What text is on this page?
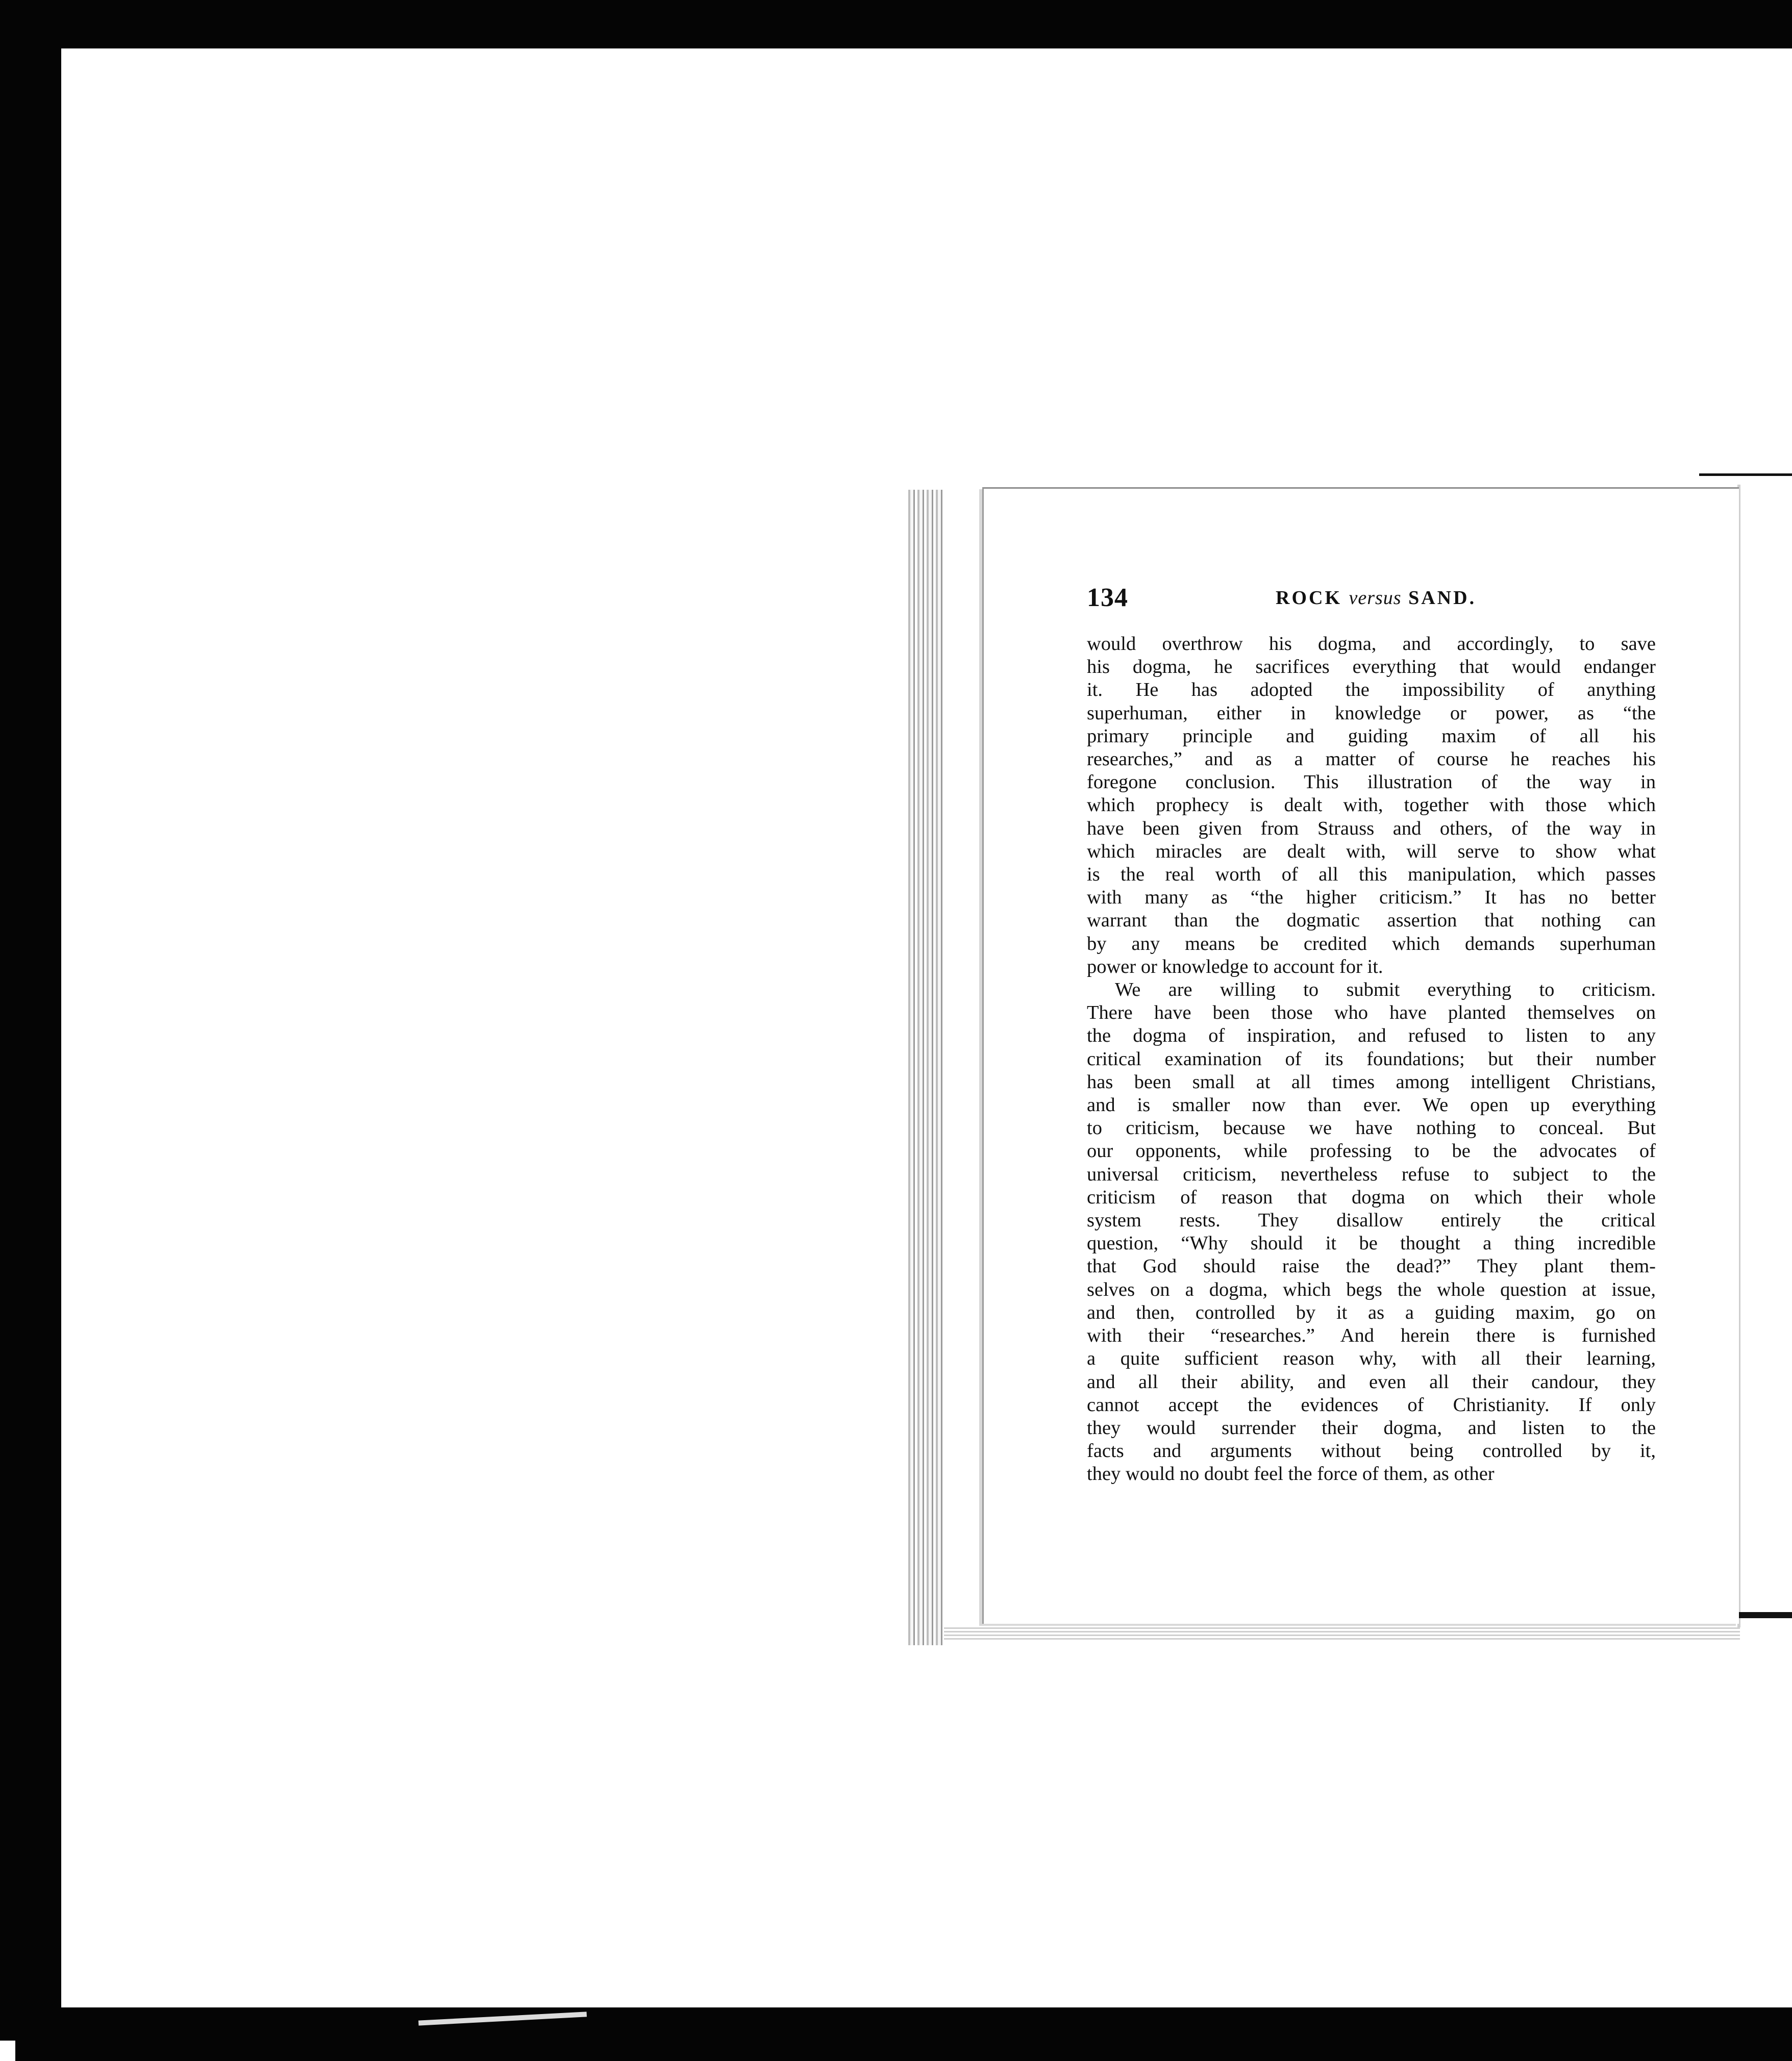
134	ROCK versus SAND.

would overthrow his dogma, and accordingly, to save
his dogma, he sacrifices everything that would endanger
it. He has adopted the impossibility of anything
superhuman, either in knowledge or power, as “the
primary principle and guiding maxim of all his
researches,” and as a matter of course he reaches his
foregone conclusion. This illustration of the way in
which prophecy is dealt with, together with those which
have been given from Strauss and others, of the way in
which miracles are dealt with, will serve to show what
is the real worth of all this manipulation, which passes
with many as “the higher criticism.” It has no better
warrant than the dogmatic assertion that nothing can
by any means be credited which demands superhuman
power or knowledge to account for it.

We are willing to submit everything to criticism.
There have been those who have planted themselves on
the dogma of inspiration, and refused to listen to any
critical examination of its foundations; but their number
has been small at all times among intelligent Christians,
and is smaller now than ever. We open up everything
to criticism, because we have nothing to conceal. But
our opponents, while professing to be the advocates of
universal criticism, nevertheless refuse to subject to the
criticism of reason that dogma on which their whole
system rests. They disallow entirely the critical
question, “Why should it be thought a thing incredible
that God should raise the dead?” They plant them-
selves on a dogma, which begs the whole question at issue,
and then, controlled by it as a guiding maxim, go on
with their “researches.” And herein there is furnished
a quite sufficient reason why, with all their learning,
and all their ability, and even all their candour, they
cannot accept the evidences of Christianity. If only
they would surrender their dogma, and listen to the
facts and arguments without being controlled by it,
they would no doubt feel the force of them, as other
